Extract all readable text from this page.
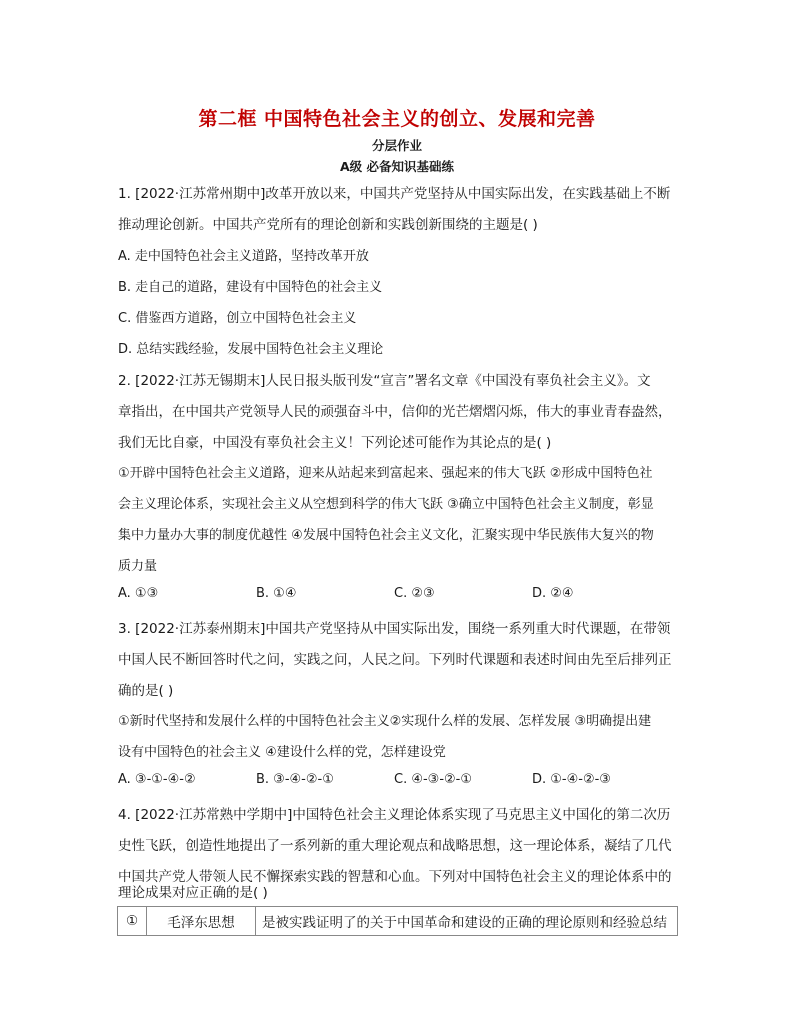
第二框 中国特色社会主义的创立、发展和完善
分层作业
A级 必备知识基础练
1. [2022·江苏常州期中]改革开放以来，中国共产党坚持从中国实际出发，在实践基础上不断
推动理论创新。中国共产党所有的理论创新和实践创新围绕的主题是( )
A. 走中国特色社会主义道路，坚持改革开放
B. 走自己的道路，建设有中国特色的社会主义
C. 借鉴西方道路，创立中国特色社会主义
D. 总结实践经验，发展中国特色社会主义理论
2. [2022·江苏无锡期末]人民日报头版刊发“宣言”署名文章《中国没有辜负社会主义》。文
章指出，在中国共产党领导人民的顽强奋斗中，信仰的光芒熠熠闪烁，伟大的事业青春盎然，
我们无比自豪，中国没有辜负社会主义！下列论述可能作为其论点的是( )
①开辟中国特色社会主义道路，迎来从站起来到富起来、强起来的伟大飞跃 ②形成中国特色社
会主义理论体系，实现社会主义从空想到科学的伟大飞跃 ③确立中国特色社会主义制度，彰显
集中力量办大事的制度优越性 ④发展中国特色社会主义文化，汇聚实现中华民族伟大复兴的物
质力量
A. ①③	B. ①④	C. ②③	D. ②④
3. [2022·江苏泰州期末]中国共产党坚持从中国实际出发，围绕一系列重大时代课题，在带领
中国人民不断回答时代之问，实践之问，人民之问。下列时代课题和表述时间由先至后排列正
确的是( )
①新时代坚持和发展什么样的中国特色社会主义②实现什么样的发展、怎样发展 ③明确提出建
设有中国特色的社会主义 ④建设什么样的党，怎样建设党
A. ③-①-④-②	B. ③-④-②-①	C. ④-③-②-①	D. ①-④-②-③
4. [2022·江苏常熟中学期中]中国特色社会主义理论体系实现了马克思主义中国化的第二次历
史性飞跃，创造性地提出了一系列新的重大理论观点和战略思想，这一理论体系，凝结了几代
中国共产党人带领人民不懈探索实践的智慧和心血。下列对中国特色社会主义的理论体系中的
①	毛泽东思想	是被实践证明了的关于中国革命和建设的正确的理论原则和经验总结
理论成果对应正确的是( )
